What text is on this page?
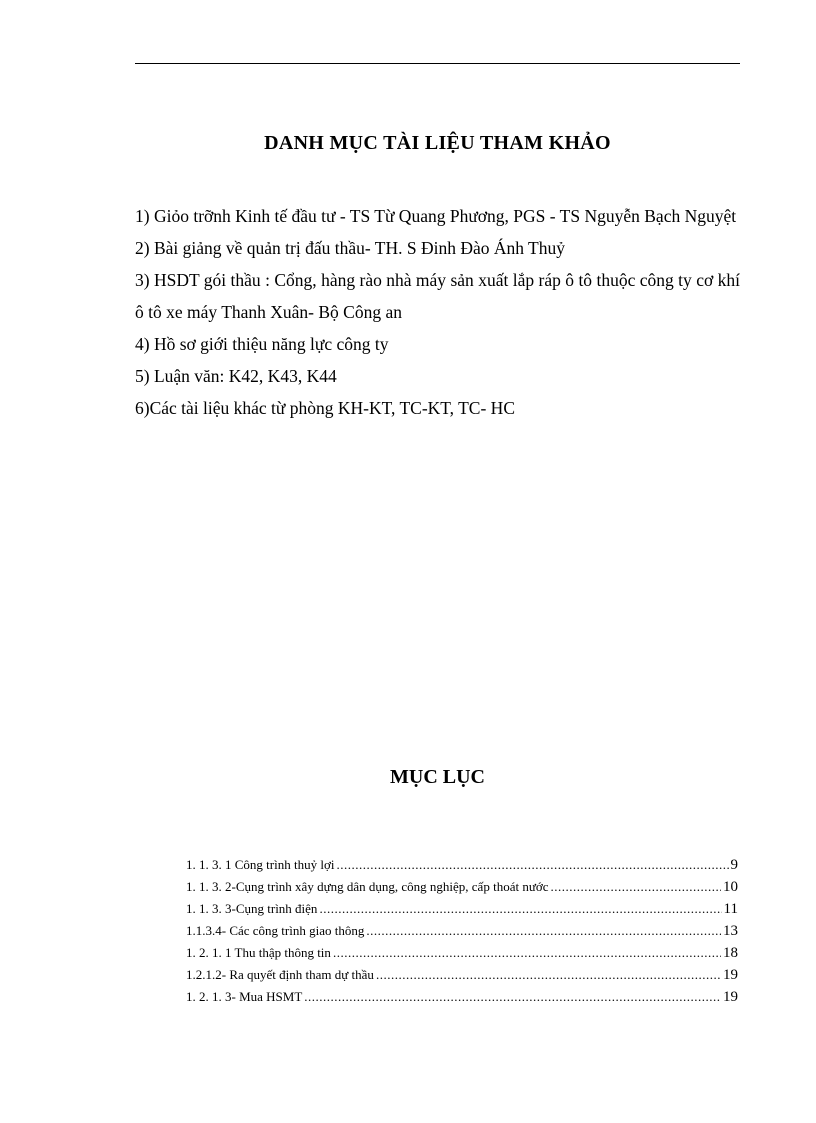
DANH MỤC TÀI LIỆU THAM KHẢO

1) Giỏo trỡnh Kinh tế đầu tư - TS Từ Quang Phương, PGS - TS Nguyễn Bạch Nguyệt

2) Bài giảng về quản trị đấu thầu- TH. S Đinh Đào Ánh Thuỷ

3) HSDT gói thầu : Cổng, hàng rào nhà máy sản xuất lắp ráp ô tô thuộc công ty cơ khí ô tô xe máy Thanh Xuân- Bộ Công an

4) Hồ sơ giới thiệu năng lực công ty

5) Luận văn: K42, K43, K44

6)Các tài liệu khác từ phòng KH-KT, TC-KT, TC- HC

MỤC LỤC
1. 1. 3. 1 Công trình thuỷ lợi .....	9
1. 1. 3. 2-Cụng trình xây dựng dân dụng, công nghiệp, cấp thoát nước .....	10
1. 1. 3. 3-Cụng trình điện .....	11
1.1.3.4- Các công trình giao thông .....	13
1. 2. 1. 1 Thu thập thông tin .....	18
1.2.1.2- Ra quyết định tham dự thầu .....	19
1. 2. 1. 3- Mua HSMT .....	19
